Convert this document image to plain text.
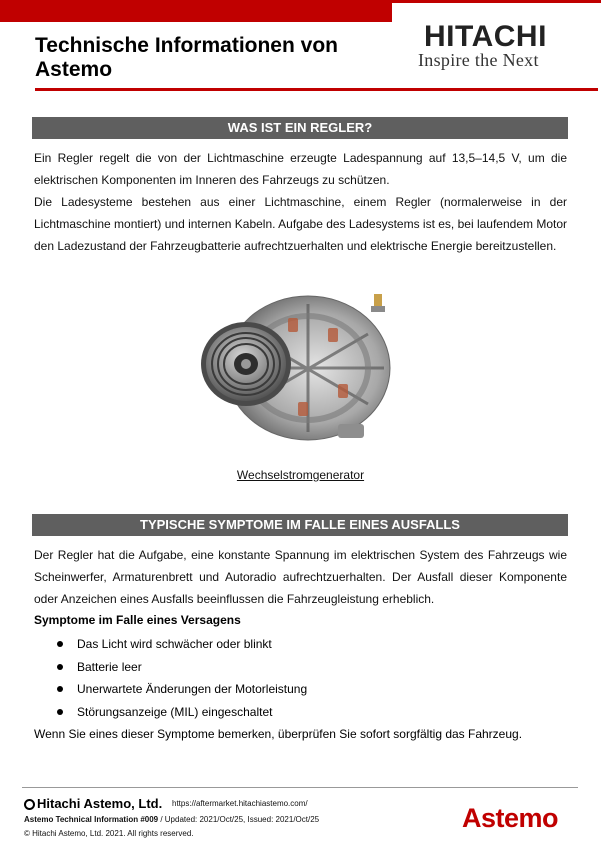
Technische Informationen von Astemo
HITACHI
Inspire the Next
WAS IST EIN REGLER?

Ein Regler regelt die von der Lichtmaschine erzeugte Ladespannung auf 13,5–14,5 V, um die elektrischen Komponenten im Inneren des Fahrzeugs zu schützen.

Die Ladesysteme bestehen aus einer Lichtmaschine, einem Regler (normalerweise in der Lichtmaschine montiert) und internen Kabeln. Aufgabe des Ladesystems ist es, bei laufendem Motor den Ladezustand der Fahrzeugbatterie aufrechtzuerhalten und elektrische Energie bereitzustellen.

Wechselstromgenerator
TYPISCHE SYMPTOME IM FALLE EINES AUSFALLS
Der Regler hat die Aufgabe, eine konstante Spannung im elektrischen System des Fahrzeugs wie Scheinwerfer, Armaturenbrett und Autoradio aufrechtzuerhalten. Der Ausfall dieser Komponente oder Anzeichen eines Ausfalls beeinflussen die Fahrzeugleistung erheblich.
Symptome im Falle eines Versagens
Das Licht wird schwächer oder blinkt
Batterie leer
Unerwartete Änderungen der Motorleistung
Störungsanzeige (MIL) eingeschaltet
Wenn Sie eines dieser Symptome bemerken, überprüfen Sie sofort sorgfältig das Fahrzeug.
Hitachi Astemo, Ltd. https://aftermarket.hitachiastemo.com/
Astemo Technical Information #009 / Updated: 2021/Oct/25, Issued: 2021/Oct/25
© Hitachi Astemo, Ltd. 2021. All rights reserved.
Astemo
